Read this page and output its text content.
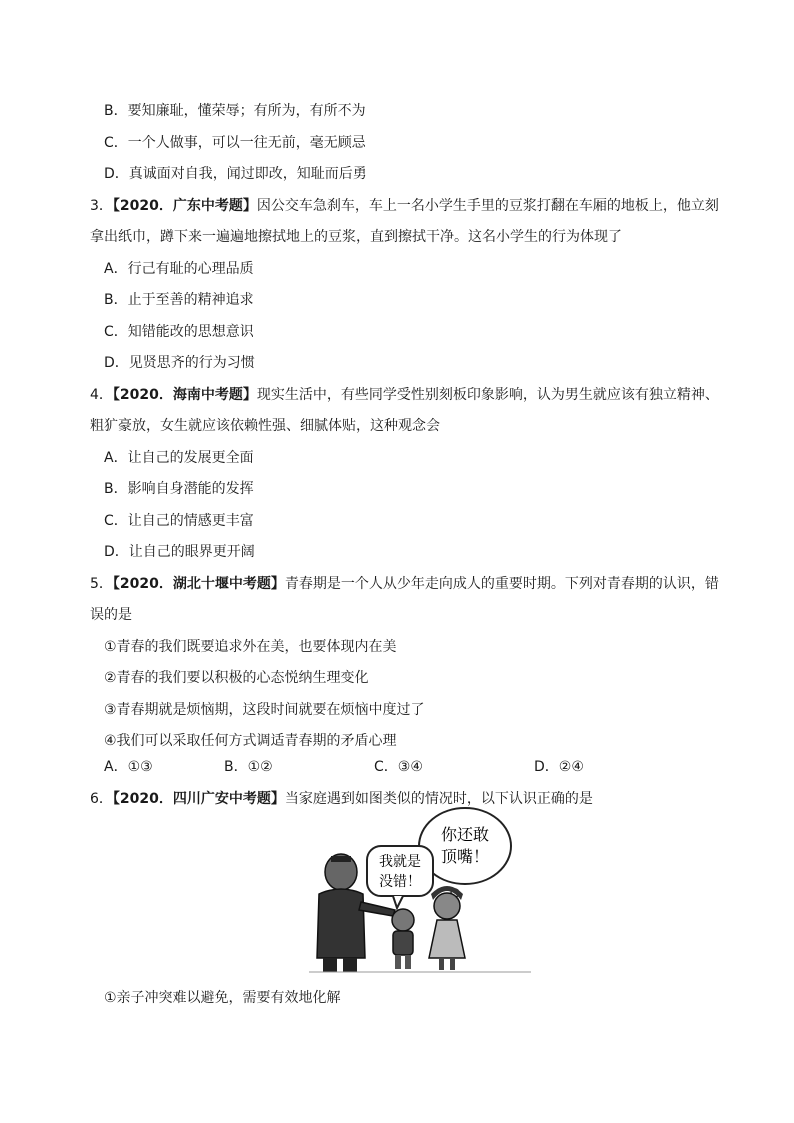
B．要知廉耻，懂荣辱；有所为，有所不为
C．一个人做事，可以一往无前，毫无顾忌
D．真诚面对自我，闻过即改，知耻而后勇
3．【2020．广东中考题】因公交车急刹车，车上一名小学生手里的豆浆打翻在车厢的地板上，他立刻
拿出纸巾，蹲下来一遍遍地擦拭地上的豆浆，直到擦拭干净。这名小学生的行为体现了
A．行己有耻的心理品质
B．止于至善的精神追求
C．知错能改的思想意识
D．见贤思齐的行为习惯
4．【2020．海南中考题】现实生活中，有些同学受性别刻板印象影响，认为男生就应该有独立精神、
粗犷豪放，女生就应该依赖性强、细腻体贴，这种观念会
A．让自己的发展更全面
B．影响自身潜能的发挥
C．让自己的情感更丰富
D．让自己的眼界更开阔
5．【2020．湖北十堰中考题】青春期是一个人从少年走向成人的重要时期。下列对青春期的认识，错
误的是
①青春的我们既要追求外在美，也要体现内在美
②青春的我们要以积极的心态悦纳生理变化
③青春期就是烦恼期，这段时间就要在烦恼中度过了
④我们可以采取任何方式调适青春期的矛盾心理
A．①③	B．①②	C．③④	D．②④
6．【2020．四川广安中考题】当家庭遇到如图类似的情况时，以下认识正确的是
你还敢
顶嘴！
我就是
没错！
①亲子冲突难以避免，需要有效地化解
